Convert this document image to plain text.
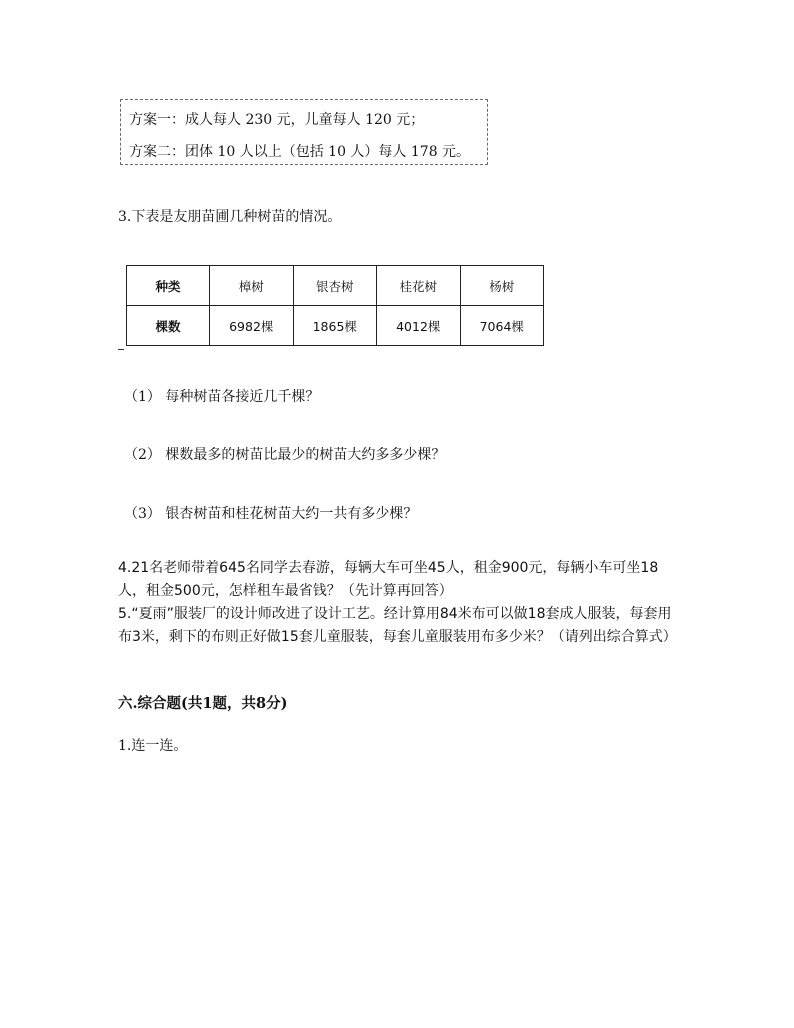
方案一：成人每人 230 元，儿童每人 120 元；
方案二：团体 10 人以上（包括 10 人）每人 178 元。
3.下表是友朋苗圃几种树苗的情况。
种类	樟树	银杏树	桂花树	杨树
棵数	6982棵	1865棵	4012棵	7064棵
（1） 每种树苗各接近几千棵？
（2） 棵数最多的树苗比最少的树苗大约多多少棵？
（3） 银杏树苗和桂花树苗大约一共有多少棵？
4.21名老师带着645名同学去春游，每辆大车可坐45人，租金900元，每辆小车可坐18人，租金500元，怎样租车最省钱？（先计算再回答）
5.“夏雨”服装厂的设计师改进了设计工艺。经计算用84米布可以做18套成人服装，每套用布3米，剩下的布则正好做15套儿童服装，每套儿童服装用布多少米？（请列出综合算式）
六.综合题(共1题，共8分)
1.连一连。
